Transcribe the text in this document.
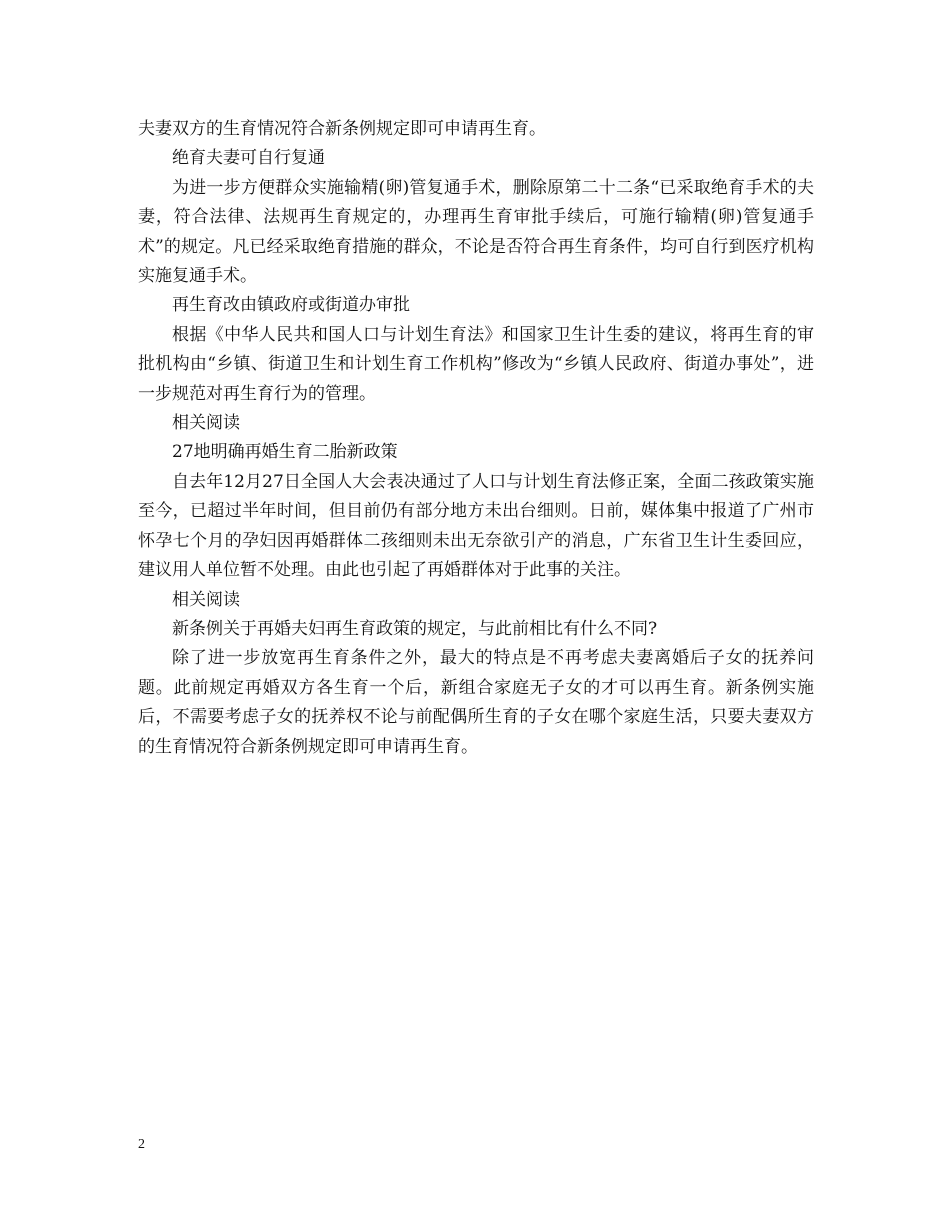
夫妻双方的生育情况符合新条例规定即可申请再生育。

绝育夫妻可自行复通

为进一步方便群众实施输精(卵)管复通手术，删除原第二十二条“已采取绝育手术的夫妻，符合法律、法规再生育规定的，办理再生育审批手续后，可施行输精(卵)管复通手术”的规定。凡已经采取绝育措施的群众，不论是否符合再生育条件，均可自行到医疗机构实施复通手术。

再生育改由镇政府或街道办审批

根据《中华人民共和国人口与计划生育法》和国家卫生计生委的建议，将再生育的审批机构由“乡镇、街道卫生和计划生育工作机构”修改为“乡镇人民政府、街道办事处”，进一步规范对再生育行为的管理。

相关阅读

27地明确再婚生育二胎新政策

自去年12月27日全国人大会表决通过了人口与计划生育法修正案，全面二孩政策实施至今，已超过半年时间，但目前仍有部分地方未出台细则。日前，媒体集中报道了广州市怀孕七个月的孕妇因再婚群体二孩细则未出无奈欲引产的消息，广东省卫生计生委回应，建议用人单位暂不处理。由此也引起了再婚群体对于此事的关注。

相关阅读

新条例关于再婚夫妇再生育政策的规定，与此前相比有什么不同?

除了进一步放宽再生育条件之外，最大的特点是不再考虑夫妻离婚后子女的抚养问题。此前规定再婚双方各生育一个后，新组合家庭无子女的才可以再生育。新条例实施后，不需要考虑子女的抚养权不论与前配偶所生育的子女在哪个家庭生活，只要夫妻双方的生育情况符合新条例规定即可申请再生育。

2
